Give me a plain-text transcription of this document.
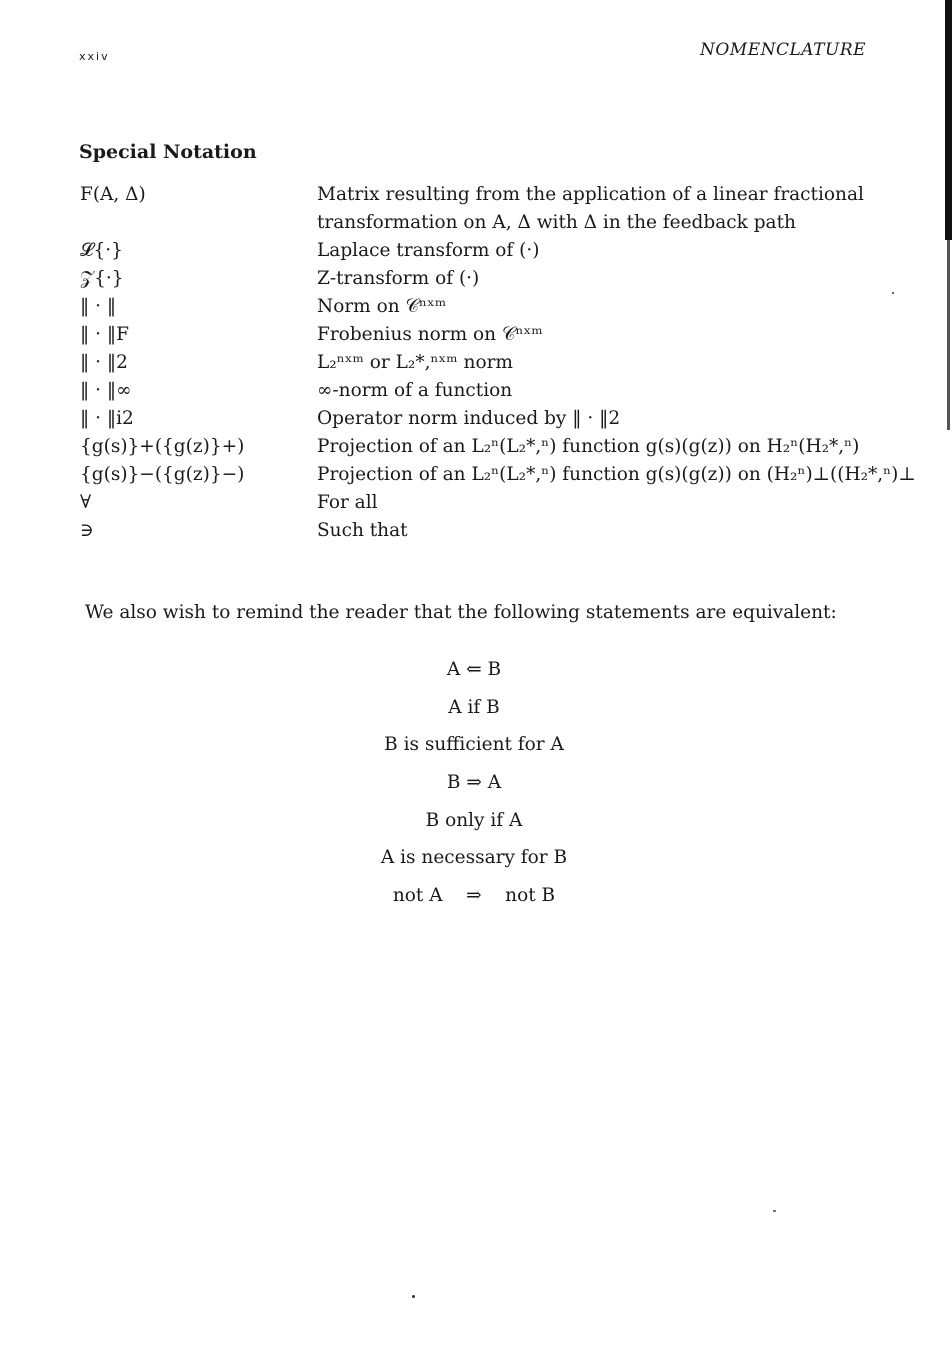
xxiv	NOMENCLATURE
Special Notation
F(A, Δ)	Matrix resulting from the application of a linear fractional transformation on A, Δ with Δ in the feedback path
𝓛{·}	Laplace transform of (·)
𝒵{·}	Z-transform of (·)
‖ · ‖	Norm on 𝒞ⁿˣᵐ
‖ · ‖F	Frobenius norm on 𝒞ⁿˣᵐ
‖ · ‖2	L₂ⁿˣᵐ or L₂*,ⁿˣᵐ norm
‖ · ‖∞	∞-norm of a function
‖ · ‖i2	Operator norm induced by ‖ · ‖2
{g(s)}+({g(z)}+)	Projection of an L₂ⁿ(L₂*,ⁿ) function g(s)(g(z)) on H₂ⁿ(H₂*,ⁿ)
{g(s)}−({g(z)}−)	Projection of an L₂ⁿ(L₂*,ⁿ) function g(s)(g(z)) on (H₂ⁿ)⊥((H₂*,ⁿ)⊥
∀	For all
∋	Such that
We also wish to remind the reader that the following statements are equivalent:
A ⇐ B
A if B
B is sufficient for A
B ⇒ A
B only if A
A is necessary for B
not A    ⇒    not B
